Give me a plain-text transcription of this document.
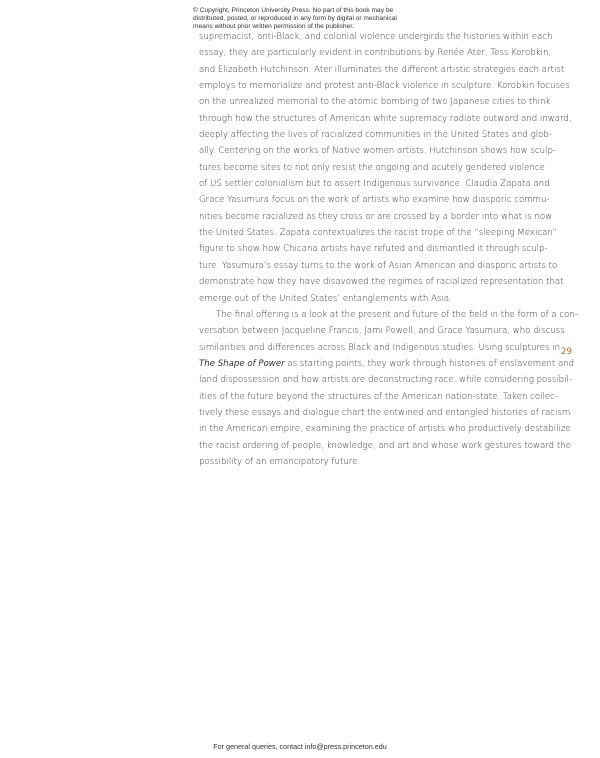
© Copyright, Princeton University Press. No part of this book may be
distributed, posted, or reproduced in any form by digital or mechanical
means without prior written permission of the publisher.
supremacist, anti-Black, and colonial violence undergirds the histories within each
essay, they are particularly evident in contributions by Renée Ater, Tess Korobkin,
and Elizabeth Hutchinson. Ater illuminates the different artistic strategies each artist
employs to memorialize and protest anti-Black violence in sculpture. Korobkin focuses
on the unrealized memorial to the atomic bombing of two Japanese cities to think
through how the structures of American white supremacy radiate outward and inward,
deeply affecting the lives of racialized communities in the United States and glob-
ally. Centering on the works of Native women artists, Hutchinson shows how sculp-
tures become sites to not only resist the ongoing and acutely gendered violence
of US settler colonialism but to assert Indigenous survivance. Claudia Zapata and
Grace Yasumura focus on the work of artists who examine how diasporic commu-
nities become racialized as they cross or are crossed by a border into what is now
the United States. Zapata contextualizes the racist trope of the “sleeping Mexican”
figure to show how Chicana artists have refuted and dismantled it through sculp-
ture. Yasumura’s essay turns to the work of Asian American and diasporic artists to
demonstrate how they have disavowed the regimes of racialized representation that
emerge out of the United States’ entanglements with Asia.
The final offering is a look at the present and future of the field in the form of a con-
versation between Jacqueline Francis, Jami Powell, and Grace Yasumura, who discuss
similarities and differences across Black and Indigenous studies. Using sculptures in
The Shape of Power as starting points, they work through histories of enslavement and
land dispossession and how artists are deconstructing race, while considering possibil-
ities of the future beyond the structures of the American nation-state. Taken collec-
tively these essays and dialogue chart the entwined and entangled histories of racism
in the American empire, examining the practice of artists who productively destabilize
the racist ordering of people, knowledge, and art and whose work gestures toward the
possibility of an emancipatory future.
29
For general queries, contact info@press.princeton.edu
